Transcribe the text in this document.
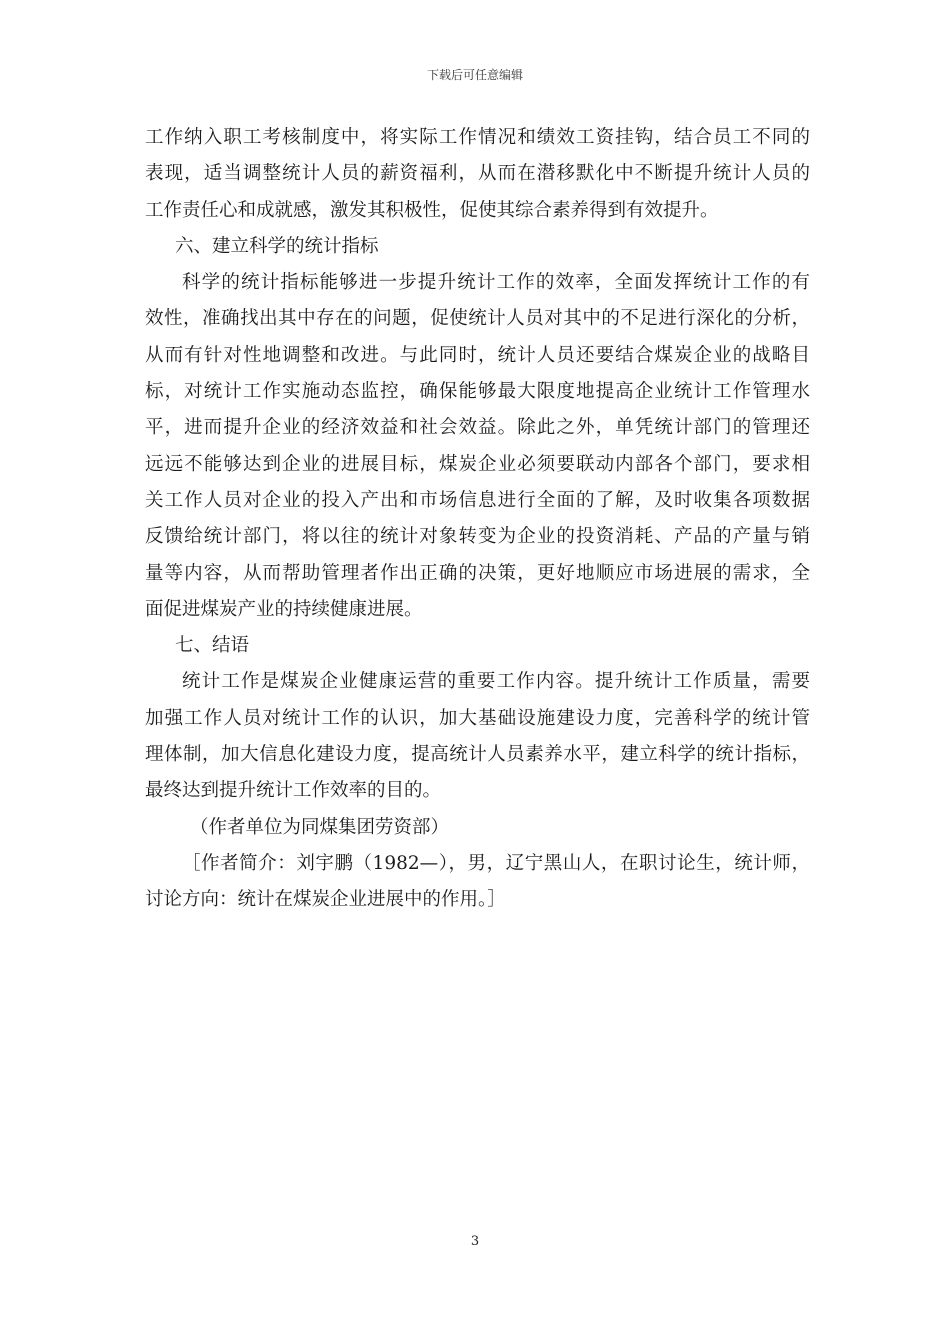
下载后可任意编辑
工作纳入职工考核制度中，将实际工作情况和绩效工资挂钩，结合员工不同的
表现，适当调整统计人员的薪资福利，从而在潜移默化中不断提升统计人员的
工作责任心和成就感，激发其积极性，促使其综合素养得到有效提升。
六、建立科学的统计指标
科学的统计指标能够进一步提升统计工作的效率，全面发挥统计工作的有
效性，准确找出其中存在的问题，促使统计人员对其中的不足进行深化的分析，
从而有针对性地调整和改进。与此同时，统计人员还要结合煤炭企业的战略目
标，对统计工作实施动态监控，确保能够最大限度地提高企业统计工作管理水
平，进而提升企业的经济效益和社会效益。除此之外，单凭统计部门的管理还
远远不能够达到企业的进展目标，煤炭企业必须要联动内部各个部门，要求相
关工作人员对企业的投入产出和市场信息进行全面的了解，及时收集各项数据
反馈给统计部门，将以往的统计对象转变为企业的投资消耗、产品的产量与销
量等内容，从而帮助管理者作出正确的决策，更好地顺应市场进展的需求，全
面促进煤炭产业的持续健康进展。
七、结语
统计工作是煤炭企业健康运营的重要工作内容。提升统计工作质量，需要
加强工作人员对统计工作的认识，加大基础设施建设力度，完善科学的统计管
理体制，加大信息化建设力度，提高统计人员素养水平，建立科学的统计指标，
最终达到提升统计工作效率的目的。
（作者单位为同煤集团劳资部）
［作者简介：刘宇鹏（1982—），男，辽宁黑山人，在职讨论生，统计师，
讨论方向：统计在煤炭企业进展中的作用。］
3
